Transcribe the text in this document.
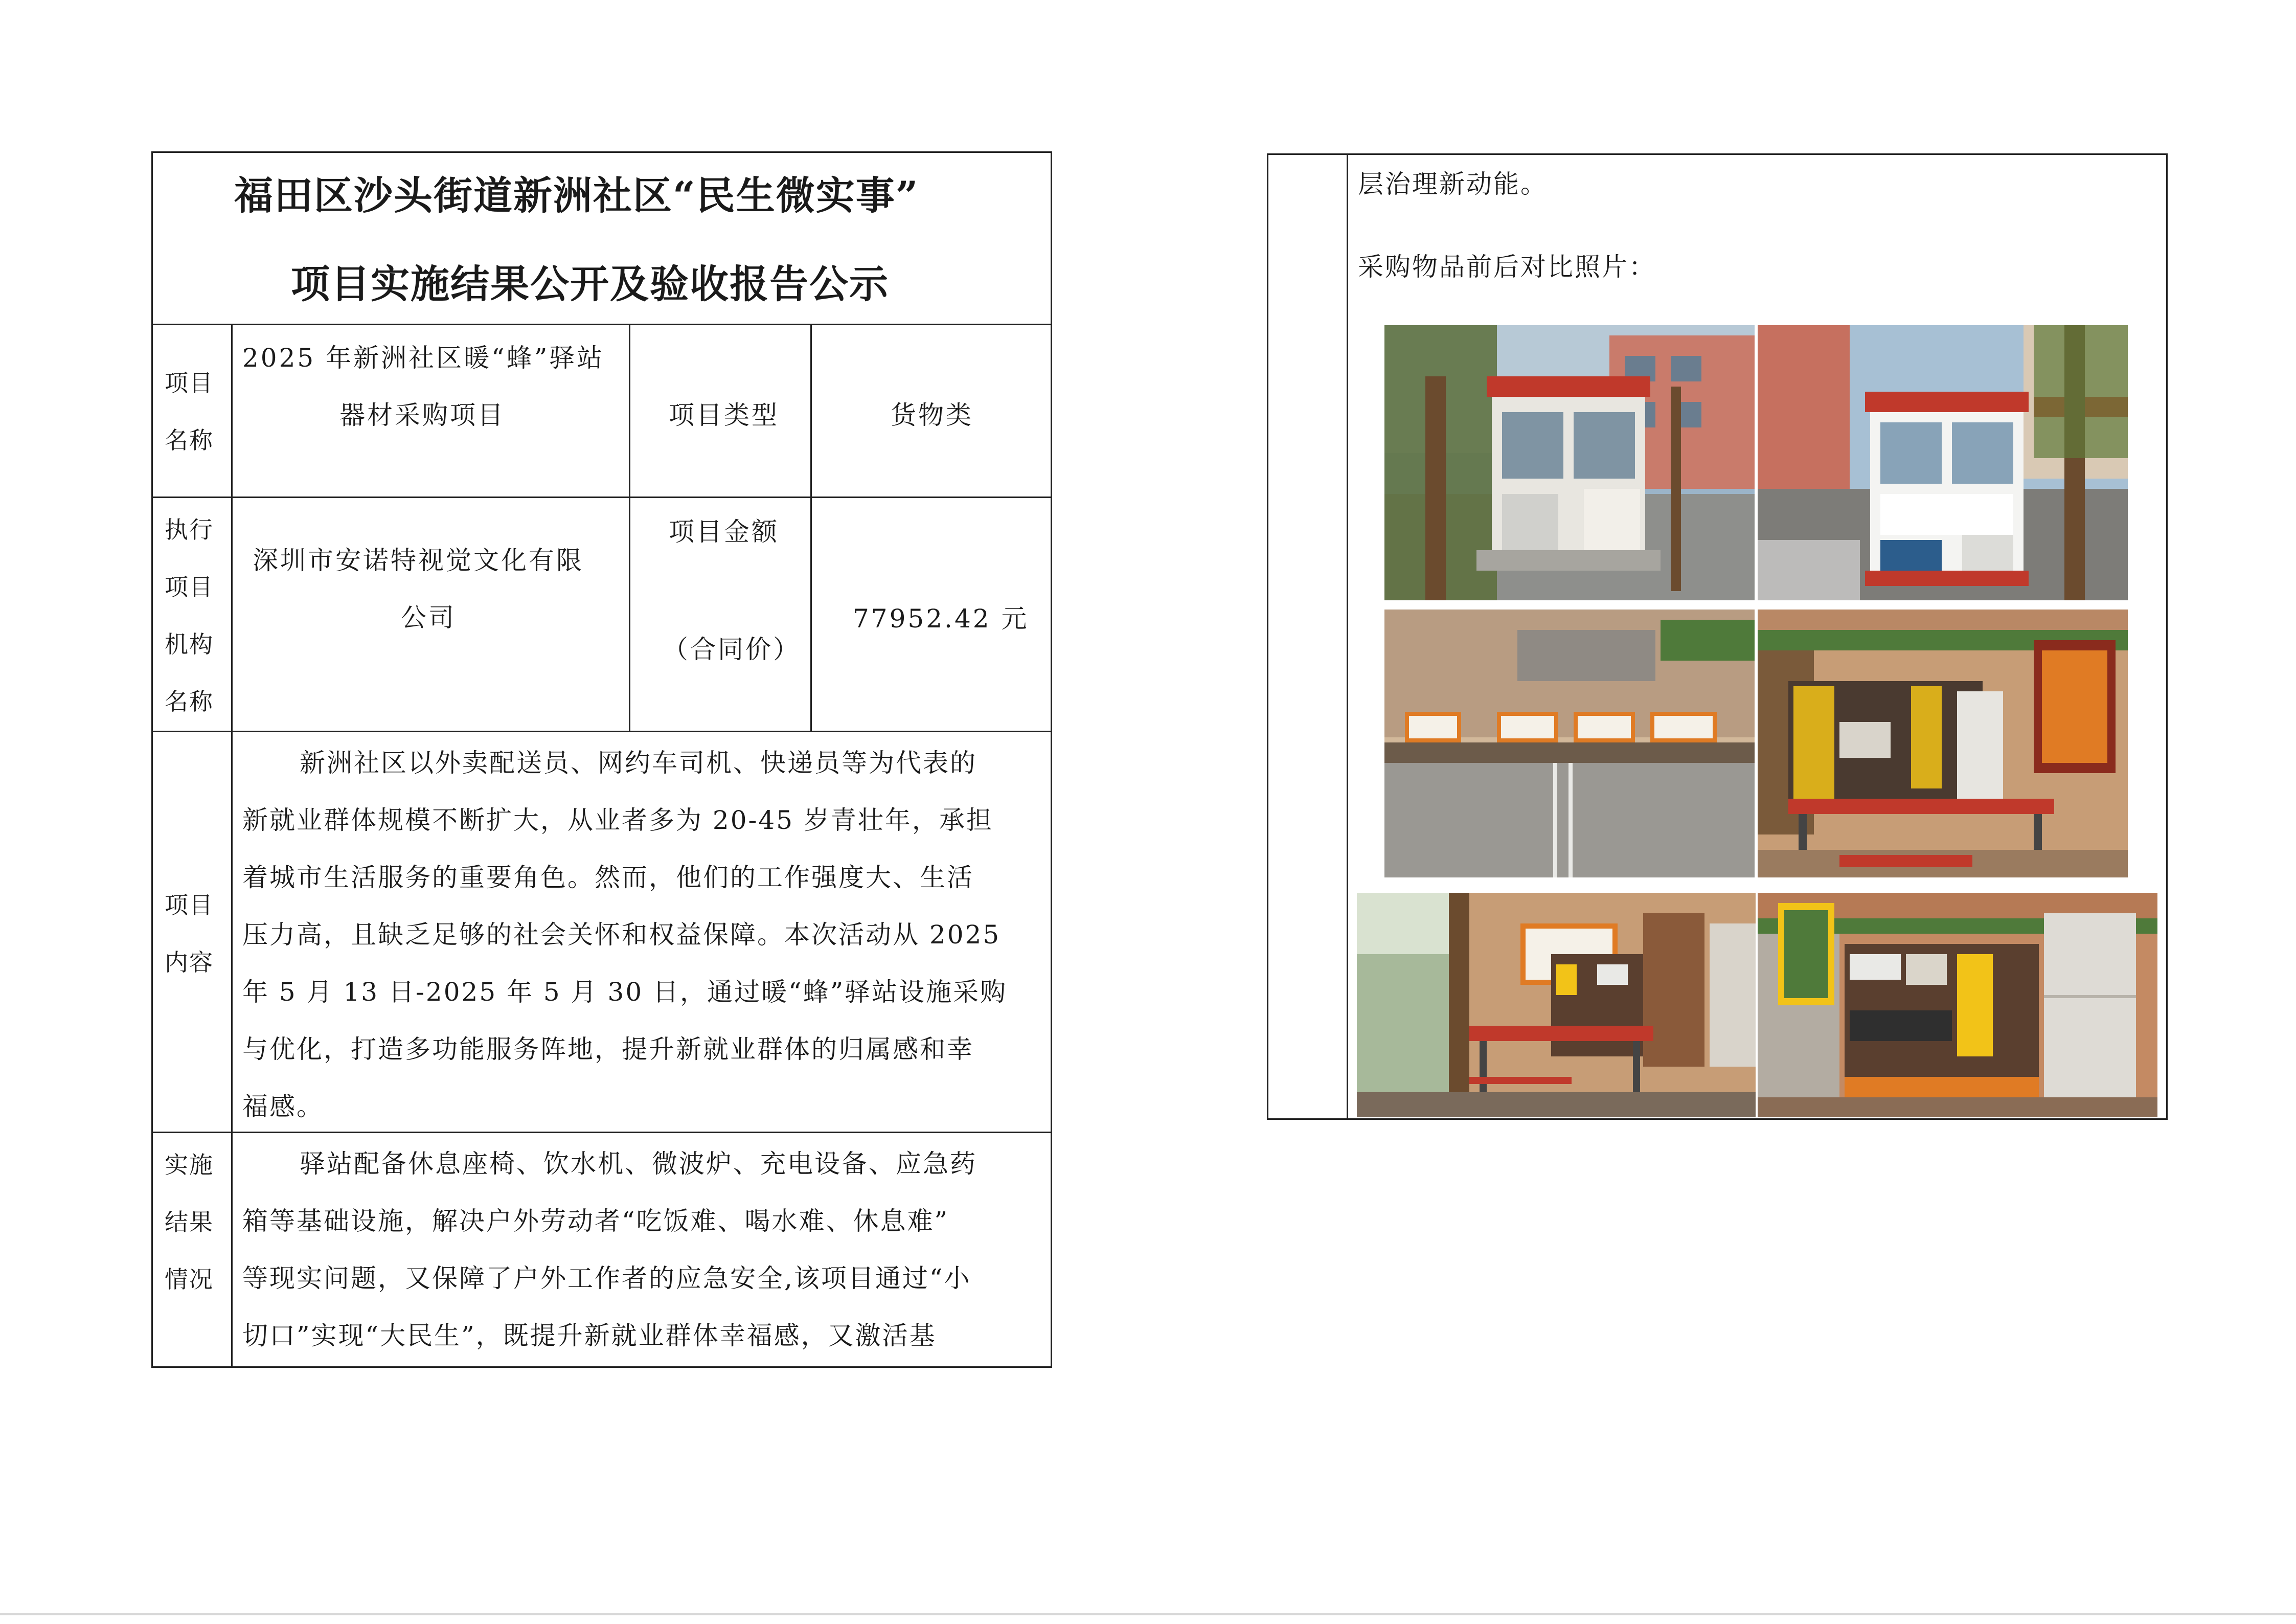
福田区沙头街道新洲社区“民生微实事”
项目实施结果公开及验收报告公示
项目
名称
2025 年新洲社区暖“蜂”驿站
器材采购项目	项目类型	货物类
执行
项目
机构
名称
深圳市安诺特视觉文化有限
公司
项目金额
（合同价）
77952.42 元
项目
内容
新洲社区以外卖配送员、网约车司机、快递员等为代表的
新就业群体规模不断扩大，从业者多为 20-45 岁青壮年，承担
着城市生活服务的重要角色。然而，他们的工作强度大、生活
压力高，且缺乏足够的社会关怀和权益保障。本次活动从 2025
年 5 月 13 日-2025 年 5 月 30 日，通过暖“蜂”驿站设施采购
与优化，打造多功能服务阵地，提升新就业群体的归属感和幸
福感。
实施
结果
情况
驿站配备休息座椅、饮水机、微波炉、充电设备、应急药
箱等基础设施，解决户外劳动者“吃饭难、喝水难、休息难”
等现实问题，又保障了户外工作者的应急安全,该项目通过“小
切口”实现“大民生”，既提升新就业群体幸福感，又激活基
层治理新动能。
采购物品前后对比照片：
